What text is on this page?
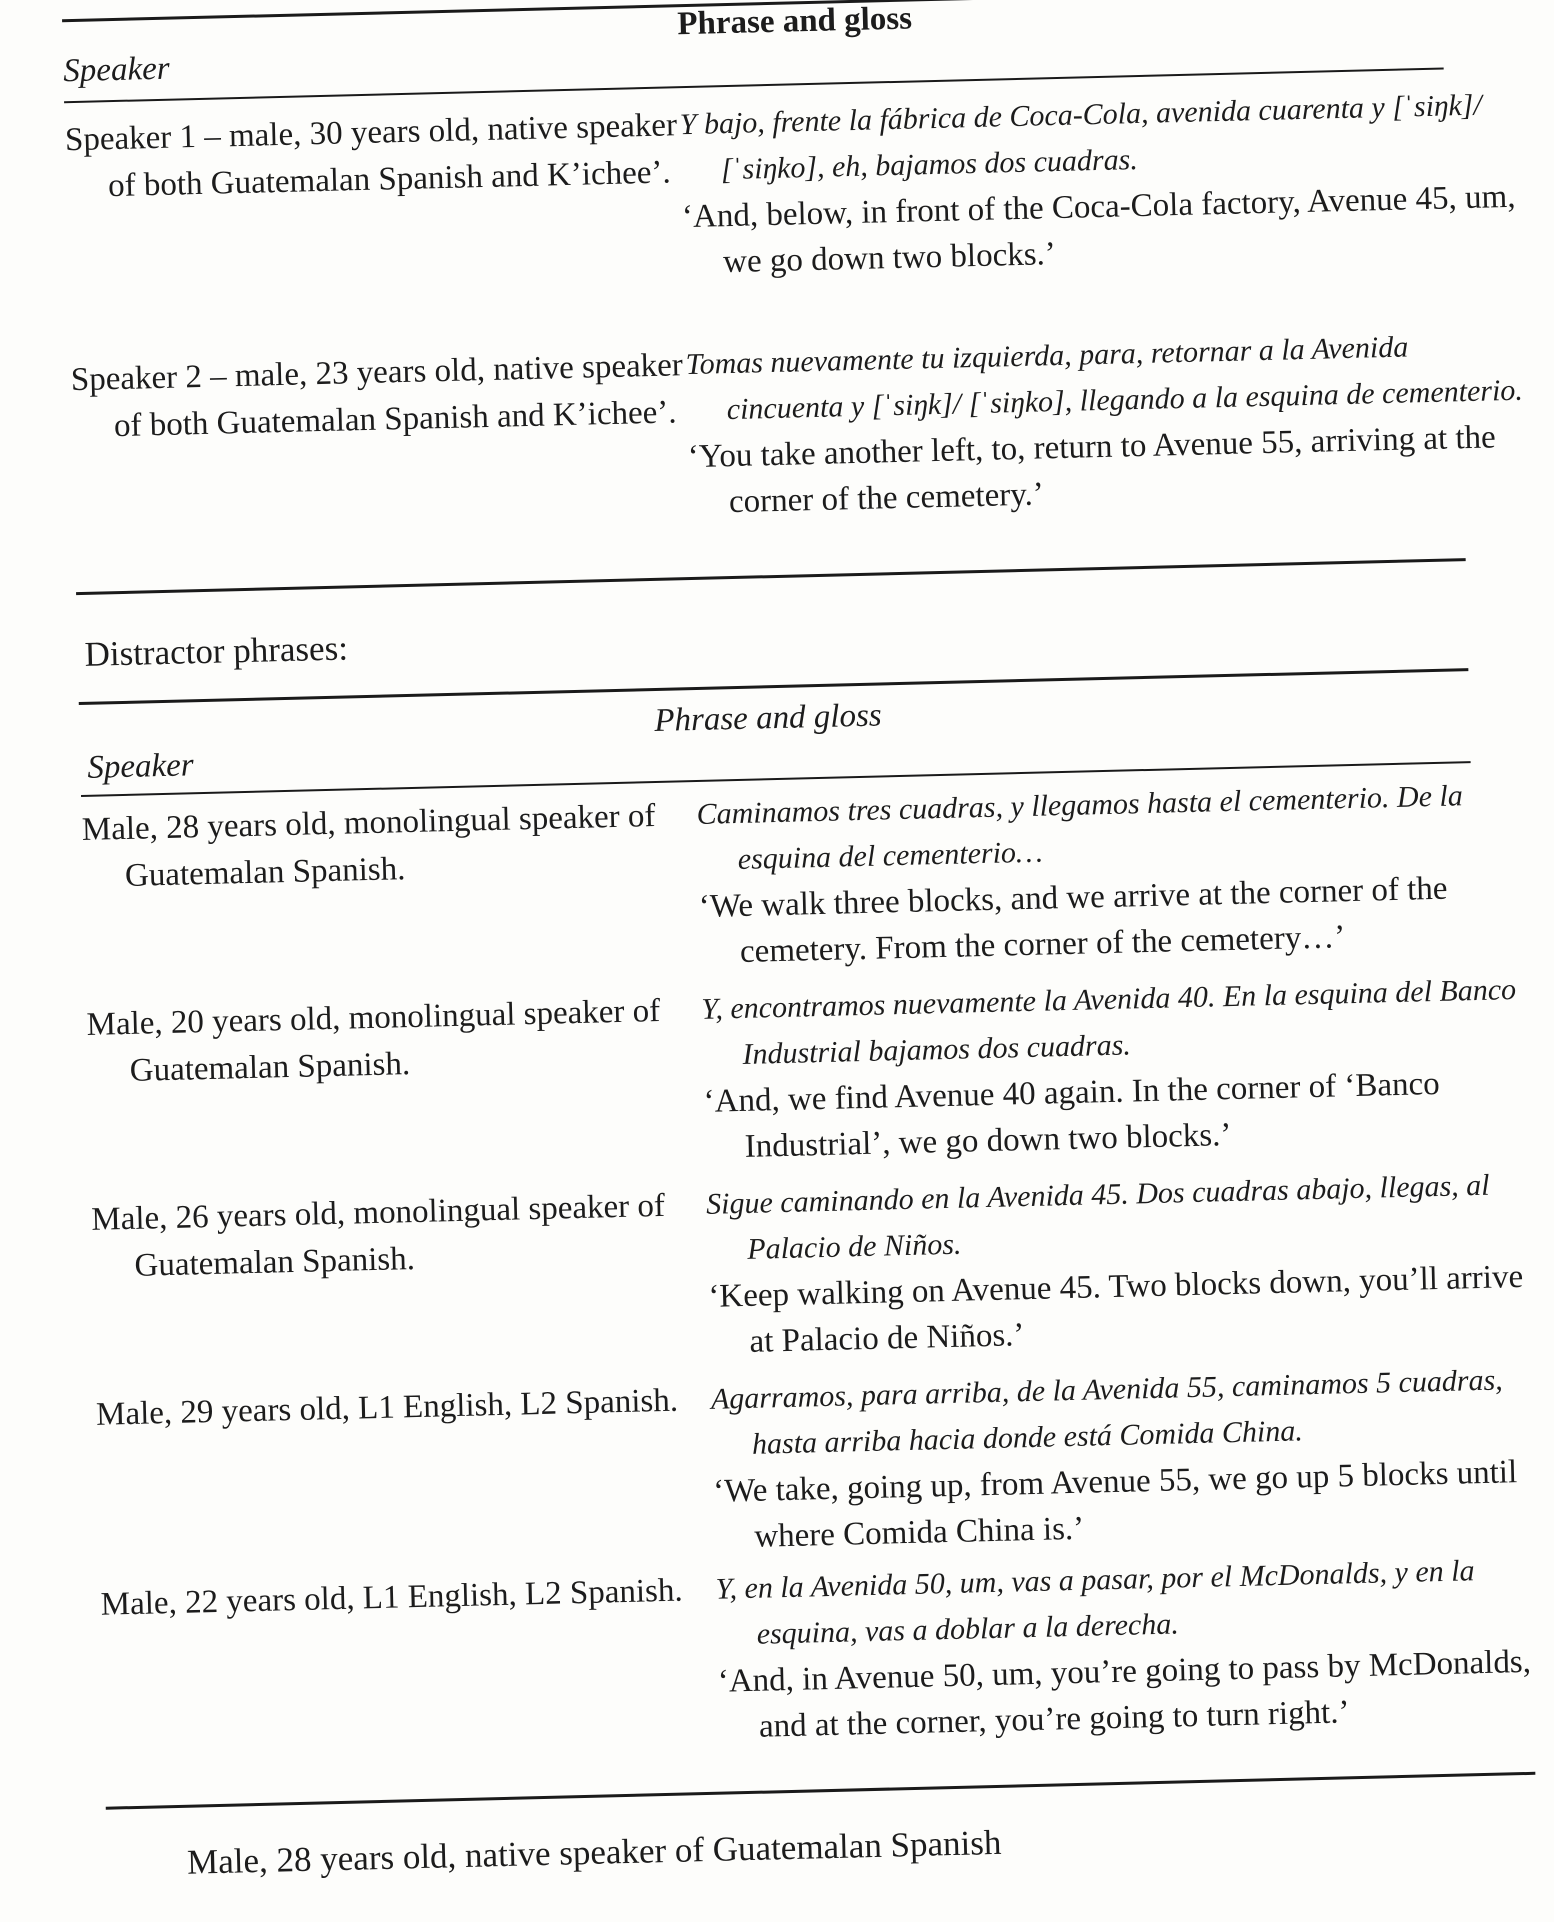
Phrase and gloss
Speaker
Speaker 1 – male, 30 years old, native speaker of both Guatemalan Spanish and K’ichee’.

Y bajo, frente la fábrica de Coca-Cola, avenida cuarenta y [ˈsiŋk]/ [ˈsiŋko], eh, bajamos dos cuadras.

‘And, below, in front of the Coca-Cola factory, Avenue 45, um, we go down two blocks.’

Speaker 2 – male, 23 years old, native speaker of both Guatemalan Spanish and K’ichee’.

Tomas nuevamente tu izquierda, para, retornar a la Avenida cincuenta y [ˈsiŋk]/ [ˈsiŋko], llegando a la esquina de cementerio.

‘You take another left, to, return to Avenue 55, arriving at the corner of the cemetery.’

Distractor phrases:
Phrase and gloss
Speaker
Male, 28 years old, monolingual speaker of Guatemalan Spanish.

Caminamos tres cuadras, y llegamos hasta el cementerio. De la esquina del cementerio…

‘We walk three blocks, and we arrive at the corner of the cemetery. From the corner of the cemetery…’

Male, 20 years old, monolingual speaker of Guatemalan Spanish.

Y, encontramos nuevamente la Avenida 40. En la esquina del Banco Industrial bajamos dos cuadras.

‘And, we find Avenue 40 again. In the corner of ‘Banco Industrial’, we go down two blocks.’

Male, 26 years old, monolingual speaker of Guatemalan Spanish.

Sigue caminando en la Avenida 45. Dos cuadras abajo, llegas, al Palacio de Niños.

‘Keep walking on Avenue 45. Two blocks down, you’ll arrive at Palacio de Niños.’

Male, 29 years old, L1 English, L2 Spanish.	Agarramos, para arriba, de la Avenida 55, caminamos 5 cuadras, hasta arriba hacia donde está Comida China.

‘We take, going up, from Avenue 55, we go up 5 blocks until where Comida China is.’

Male, 22 years old, L1 English, L2 Spanish.	Y, en la Avenida 50, um, vas a pasar, por el McDonalds, y en la esquina, vas a doblar a la derecha.

‘And, in Avenue 50, um, you’re going to pass by McDonalds, and at the corner, you’re going to turn right.’

Male, 28 years old, native speaker of Guatemalan Spanish
